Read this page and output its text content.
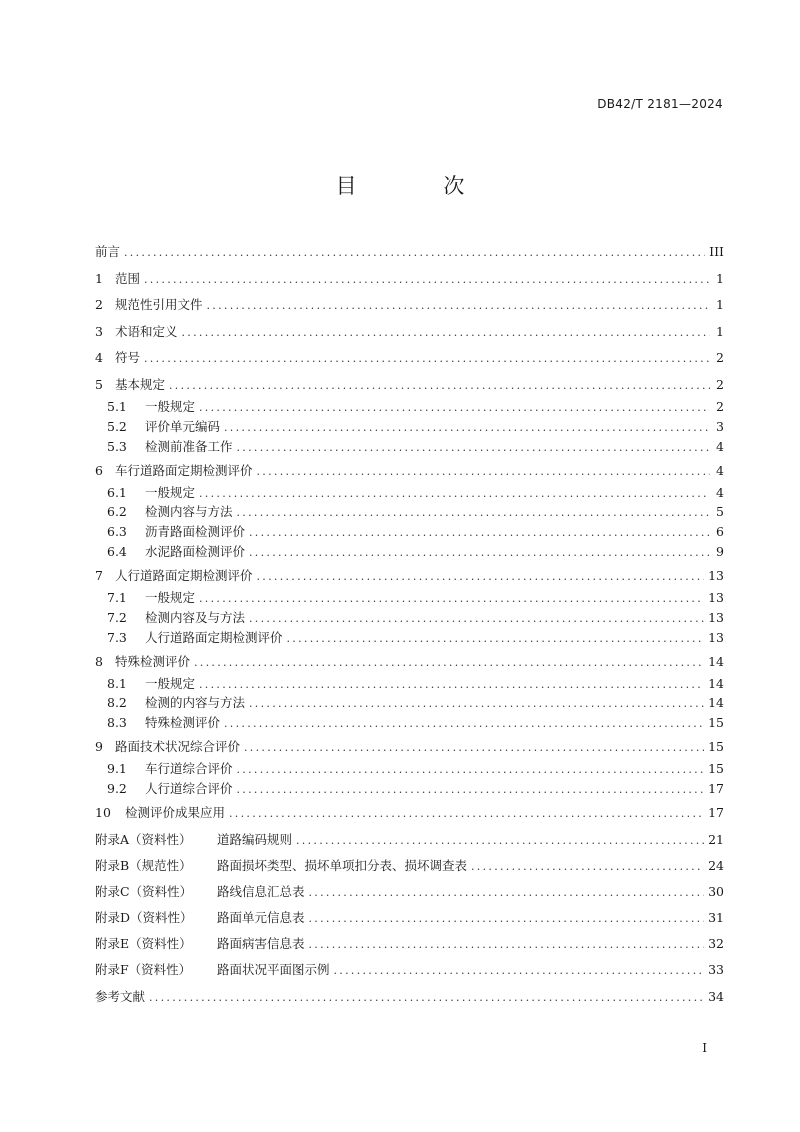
DB42/T 2181—2024
目 次
前言 . . .	III
1 范围 . . .	1
2 规范性引用文件 . . .	1
3 术语和定义 . . .	1
4 符号 . . .	2
5 基本规定 . . .	2
5.1 一般规定 . . .	2
5.2 评价单元编码 . . .	3
5.3 检测前准备工作 . . .	4
6 车行道路面定期检测评价 . . .	4
6.1 一般规定 . . .	4
6.2 检测内容与方法 . . .	5
6.3 沥青路面检测评价 . . .	6
6.4 水泥路面检测评价 . . .	9
7 人行道路面定期检测评价 . . .	13
7.1 一般规定 . . .	13
7.2 检测内容及与方法 . . .	13
7.3 人行道路面定期检测评价 . . .	13
8 特殊检测评价 . . .	14
8.1 一般规定 . . .	14
8.2 检测的内容与方法 . . .	14
8.3 特殊检测评价 . . .	15
9 路面技术状况综合评价 . . .	15
9.1 车行道综合评价 . . .	15
9.2 人行道综合评价 . . .	17
10 检测评价成果应用 . . .	17
附录A（资料性） 道路编码规则 . . .	21
附录B（规范性） 路面损坏类型、损坏单项扣分表、损坏调查表 . . .	24
附录C（资料性） 路线信息汇总表 . . .	30
附录D（资料性） 路面单元信息表 . . .	31
附录E（资料性） 路面病害信息表 . . .	32
附录F（资料性） 路面状况平面图示例 . . .	33
参考文献 . . .	34
I
